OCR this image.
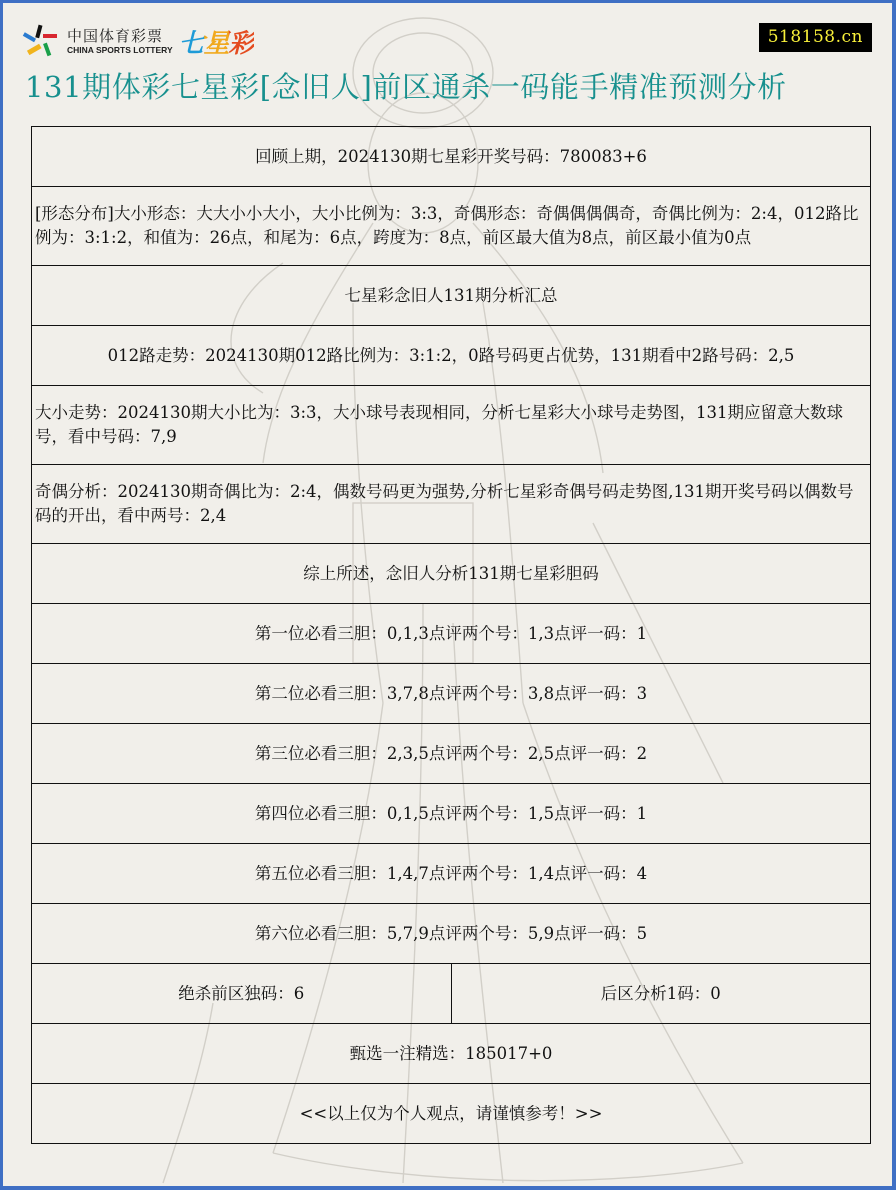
中国体育彩票
CHINA SPORTS LOTTERY 七星彩	518158.cn
131期体彩七星彩[念旧人]前区通杀一码能手精准预测分析
回顾上期，2024130期七星彩开奖号码：780083+6
[形态分布]大小形态：大大小小大小，大小比例为：3:3，奇偶形态：奇偶偶偶偶奇，奇偶比例为：2:4，012路比例为：3:1:2，和值为：26点，和尾为：6点，跨度为：8点，前区最大值为8点，前区最小值为0点
七星彩念旧人131期分析汇总
012路走势：2024130期012路比例为：3:1:2，0路号码更占优势，131期看中2路号码：2,5
大小走势：2024130期大小比为：3:3，大小球号表现相同，分析七星彩大小球号走势图，131期应留意大数球号，看中号码：7,9
奇偶分析：2024130期奇偶比为：2:4，偶数号码更为强势,分析七星彩奇偶号码走势图,131期开奖号码以偶数号码的开出，看中两号：2,4
综上所述，念旧人分析131期七星彩胆码
第一位必看三胆：0,1,3点评两个号：1,3点评一码：1
第二位必看三胆：3,7,8点评两个号：3,8点评一码：3
第三位必看三胆：2,3,5点评两个号：2,5点评一码：2
第四位必看三胆：0,1,5点评两个号：1,5点评一码：1
第五位必看三胆：1,4,7点评两个号：1,4点评一码：4
第六位必看三胆：5,7,9点评两个号：5,9点评一码：5
绝杀前区独码：6	后区分析1码：0
甄选一注精选：185017+0
<<以上仅为个人观点，请谨慎参考！>>
